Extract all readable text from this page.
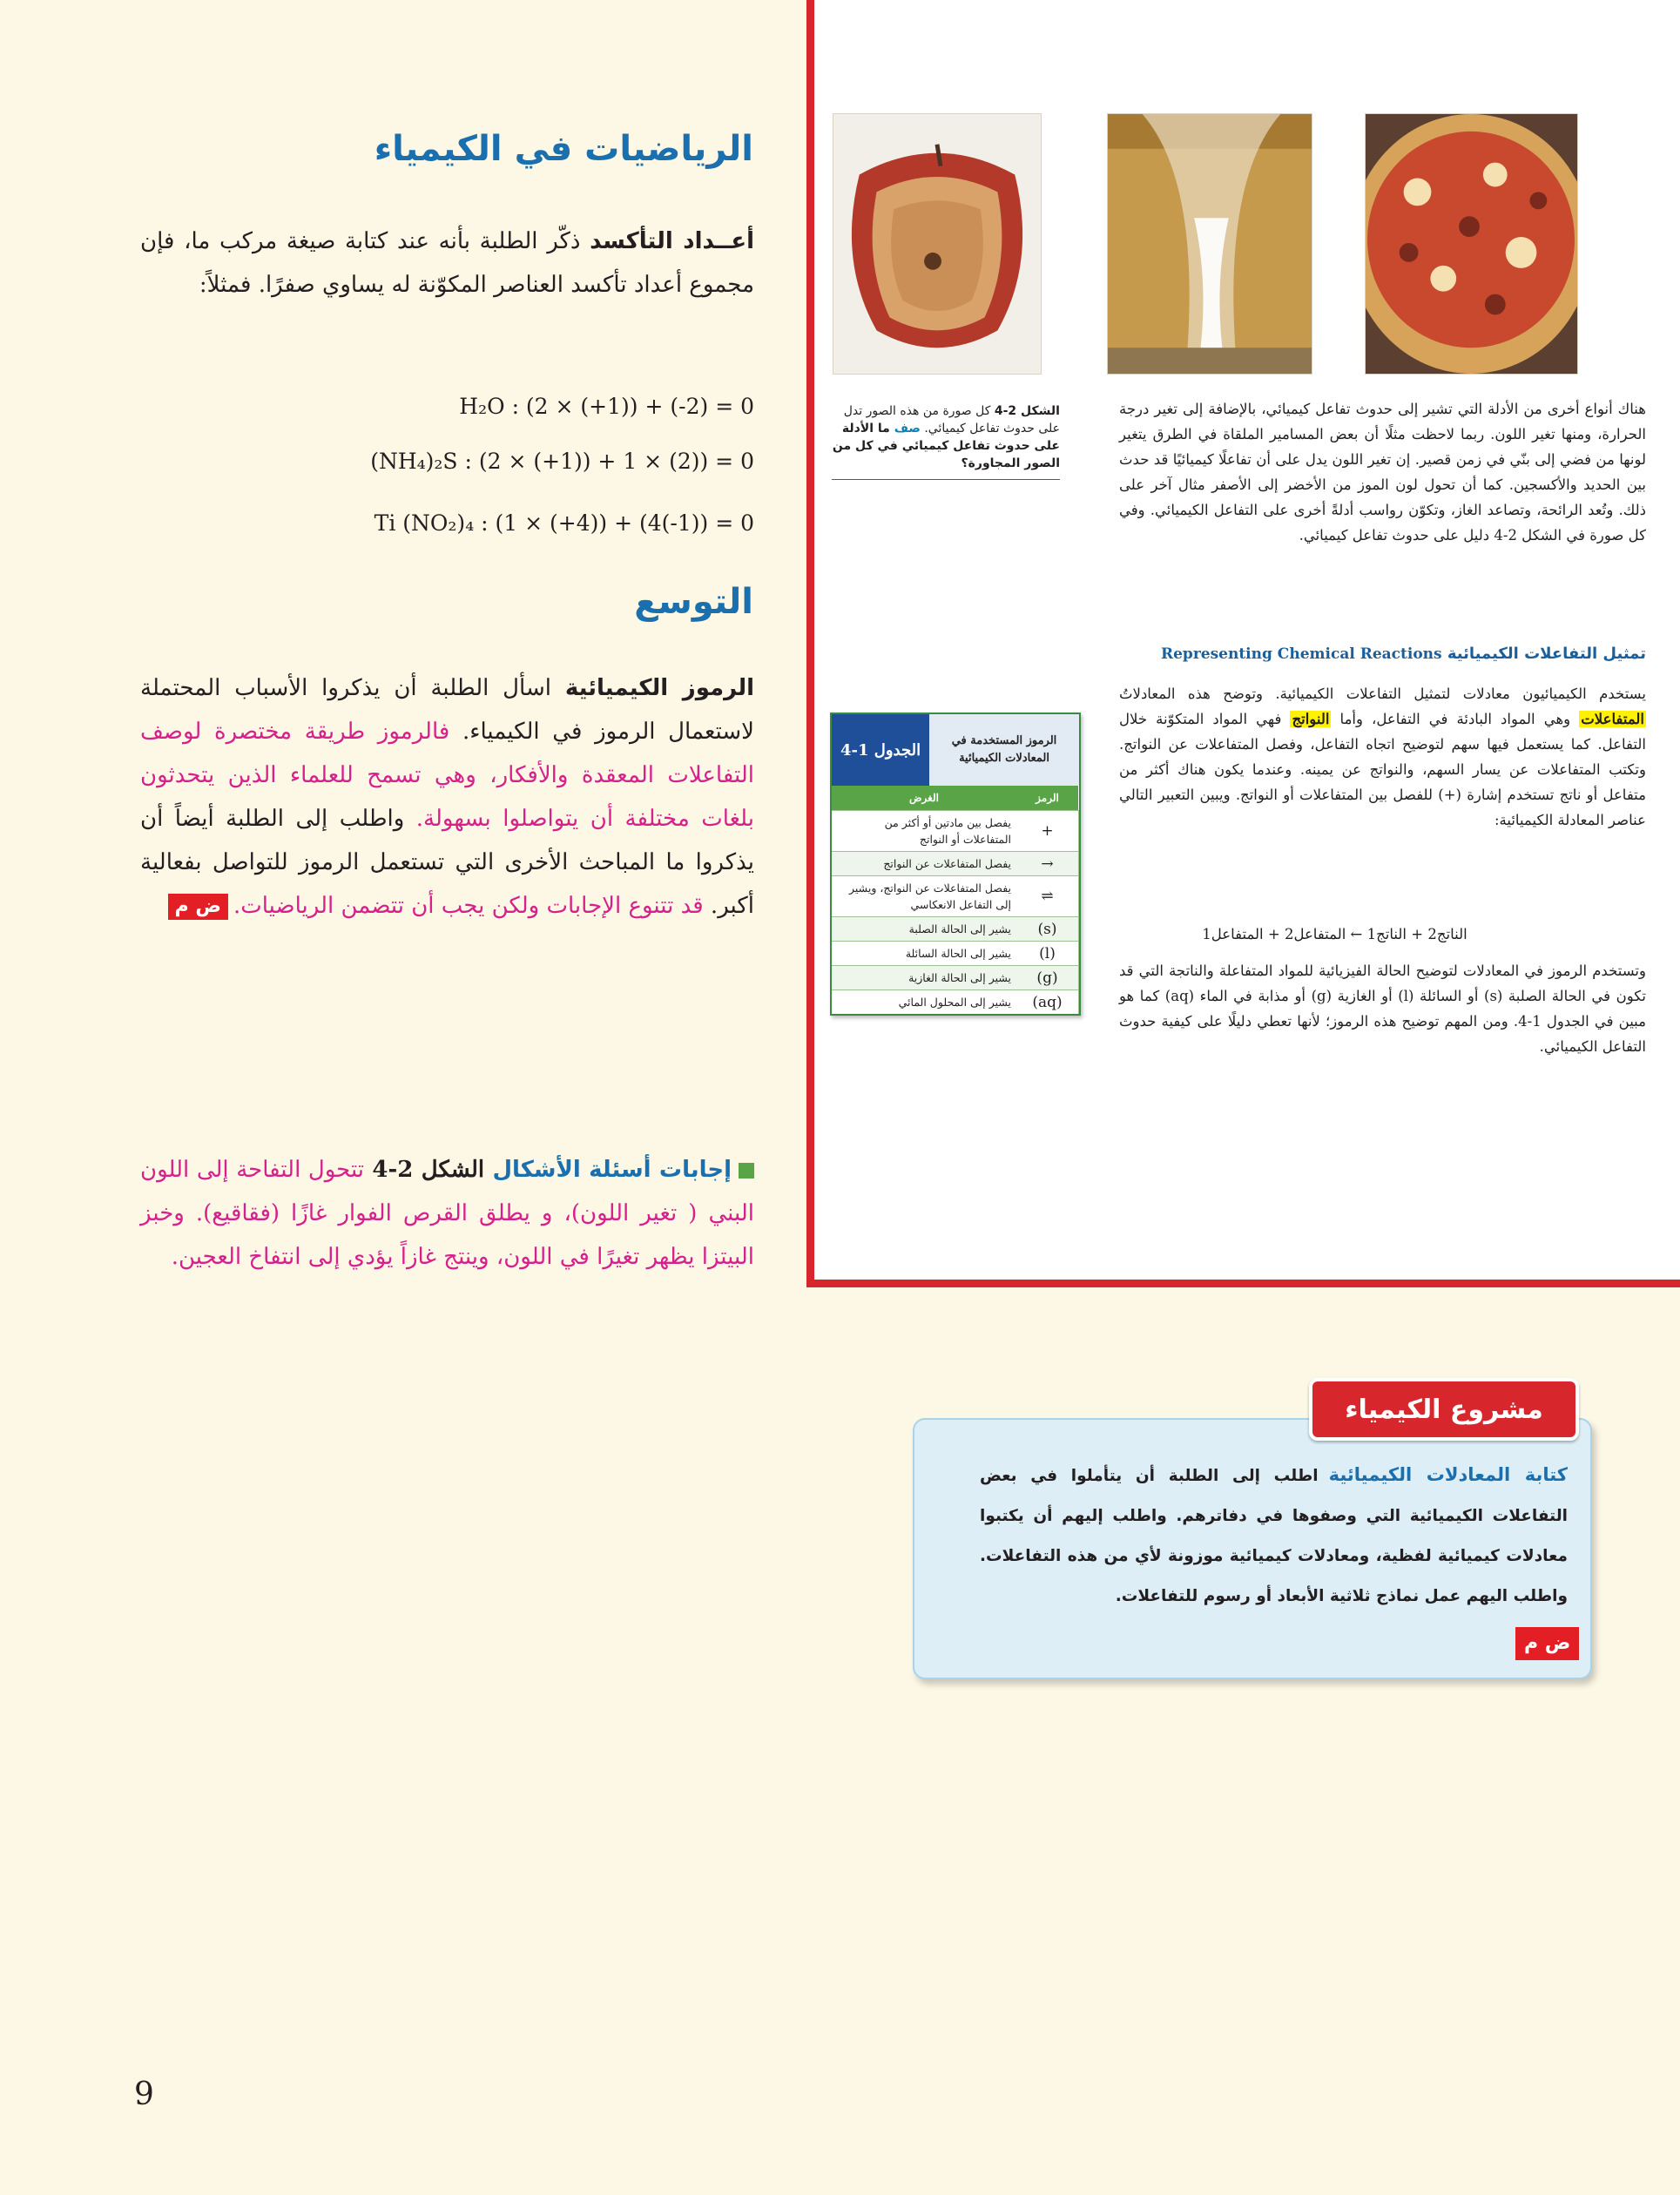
الشكل 2-4 كل صورة من هذه الصور تدل على حدوث تفاعل كيميائي. صف ما الأدلة على حدوث تفاعل كيميائي في كل من الصور المجاورة؟
هناك أنواع أخرى من الأدلة التي تشير إلى حدوث تفاعل كيميائي، بالإضافة إلى تغير درجة الحرارة، ومنها تغير اللون. ربما لاحظت مثلًا أن بعض المسامير الملقاة في الطرق يتغير لونها من فضي إلى بنّي في زمن قصير. إن تغير اللون يدل على أن تفاعلًا كيميائيًا قد حدث بين الحديد والأكسجين. كما أن تحول لون الموز من الأخضر إلى الأصفر مثال آخر على ذلك. وتُعد الرائحة، وتصاعد الغاز، وتكوّن رواسب أدلةً أخرى على التفاعل الكيميائي. وفي كل صورة في الشكل 2-4 دليل على حدوث تفاعل كيميائي.
تمثيل التفاعلات الكيميائية Representing Chemical Reactions
يستخدم الكيميائيون معادلات لتمثيل التفاعلات الكيميائية. وتوضح هذه المعادلاتُ المتفاعلات وهي المواد البادئة في التفاعل، وأما النواتج فهي المواد المتكوّنة خلال التفاعل. كما يستعمل فيها سهم لتوضيح اتجاه التفاعل، وفصل المتفاعلات عن النواتج. وتكتب المتفاعلات عن يسار السهم، والنواتج عن يمينه. وعندما يكون هناك أكثر من متفاعل أو ناتج تستخدم إشارة (+) للفصل بين المتفاعلات أو النواتج. ويبين التعبير التالي عناصر المعادلة الكيميائية:
الناتج2 + الناتج1 ← المتفاعل2 + المتفاعل1
وتستخدم الرموز في المعادلات لتوضيح الحالة الفيزيائية للمواد المتفاعلة والناتجة التي قد تكون في الحالة الصلبة (s) أو السائلة (l) أو الغازية (g) أو مذابة في الماء (aq) كما هو مبين في الجدول 1-4. ومن المهم توضيح هذه الرموز؛ لأنها تعطي دليلًا على كيفية حدوث التفاعل الكيميائي.
الجدول 1-4	الرموز المستخدمة في المعادلات الكيميائية
الرمز
الغرض
+
يفصل بين مادتين أو أكثر من المتفاعلات أو النواتج
→
يفصل المتفاعلات عن النواتج
⇌
يفصل المتفاعلات عن النواتج، ويشير إلى التفاعل الانعكاسي
(s)
يشير إلى الحالة الصلبة
(l)
يشير إلى الحالة السائلة
(g)
يشير إلى الحالة الغازية
(aq)
يشير إلى المحلول المائي
الرياضيات في الكيمياء
أعــداد التأكسد ذكّر الطلبة بأنه عند كتابة صيغة مركب ما، فإن مجموع أعداد تأكسد العناصر المكوّنة له يساوي صفرًا. فمثلاً:
H₂O : (2 × (+1)) + (-2) = 0
(NH₄)₂S : (2 × (+1)) + 1 × (2)) = 0
Ti (NO₂)₄ : (1 × (+4)) + (4(-1)) = 0
التوسع
الرموز الكيميائية اسأل الطلبة أن يذكروا الأسباب المحتملة لاستعمال الرموز في الكيمياء. فالرموز طريقة مختصرة لوصف التفاعلات المعقدة والأفكار، وهي تسمح للعلماء الذين يتحدثون بلغات مختلفة أن يتواصلوا بسهولة. واطلب إلى الطلبة أيضاً أن يذكروا ما المباحث الأخرى التي تستعمل الرموز للتواصل بفعالية أكبر. قد تتنوع الإجابات ولكن يجب أن تتضمن الرياضيات.ض م
إجابات أسئلة الأشكال الشكل 2-4 تتحول التفاحة إلى اللون البني ( تغير اللون)، و يطلق القرص الفوار غازًا (فقاقيع). وخبز البيتزا يظهر تغيرًا في اللون، وينتج غازاً يؤدي إلى انتفاخ العجين.
مشروع الكيمياء
كتابة المعادلات الكيميائيةاطلب إلى الطلبة أن يتأملوا في بعض التفاعلات الكيميائية التي وصفوها في دفاترهم. واطلب إليهم أن يكتبوا معادلات كيميائية لفظية، ومعادلات كيميائية موزونة لأي من هذه التفاعلات. واطلب اليهم عمل نماذج ثلاثية الأبعاد أو رسوم للتفاعلات.
ض م
9
